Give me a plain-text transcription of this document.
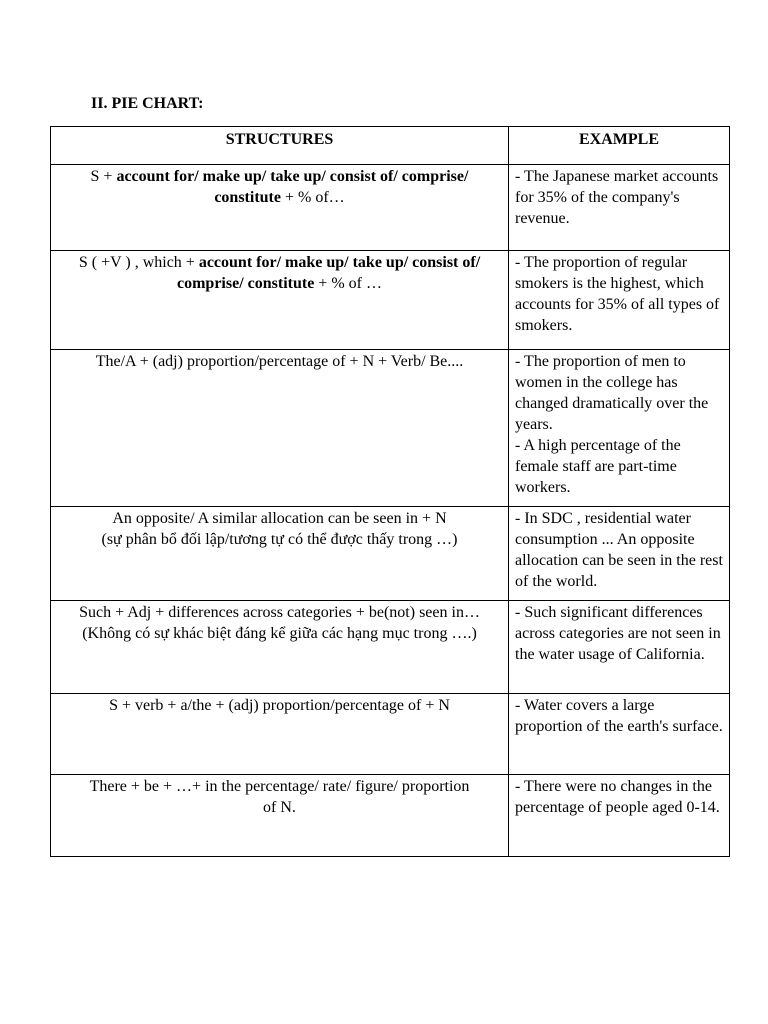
II. PIE CHART:
STRUCTURES	EXAMPLE

S + account for/ make up/ take up/ consist of/ comprise/
constitute + % of…	- The Japanese market accounts for 35% of the company's revenue.

S ( +V ) , which + account for/ make up/ take up/ consist of/
comprise/ constitute + % of …	- The proportion of regular smokers is the highest, which accounts for 35% of all types of smokers.

The/A + (adj) proportion/percentage of + N + Verb/ Be....	- The proportion of men to women in the college has changed dramatically over the years.
- A high percentage of the female staff are part-time workers.

An opposite/ A similar allocation can be seen in + N
(sự phân bổ đối lập/tương tự có thể được thấy trong …)	- In SDC , residential water consumption ... An opposite allocation can be seen in the rest of the world.

Such + Adj + differences across categories + be(not) seen in…
(Không có sự khác biệt đáng kể giữa các hạng mục trong ….)	- Such significant differences across categories are not seen in the water usage of California.

S + verb + a/the + (adj) proportion/percentage of + N	- Water covers a large proportion of the earth's surface.

There + be + …+ in the percentage/ rate/ figure/ proportion
of N.	- There were no changes in the percentage of people aged 0-14.
